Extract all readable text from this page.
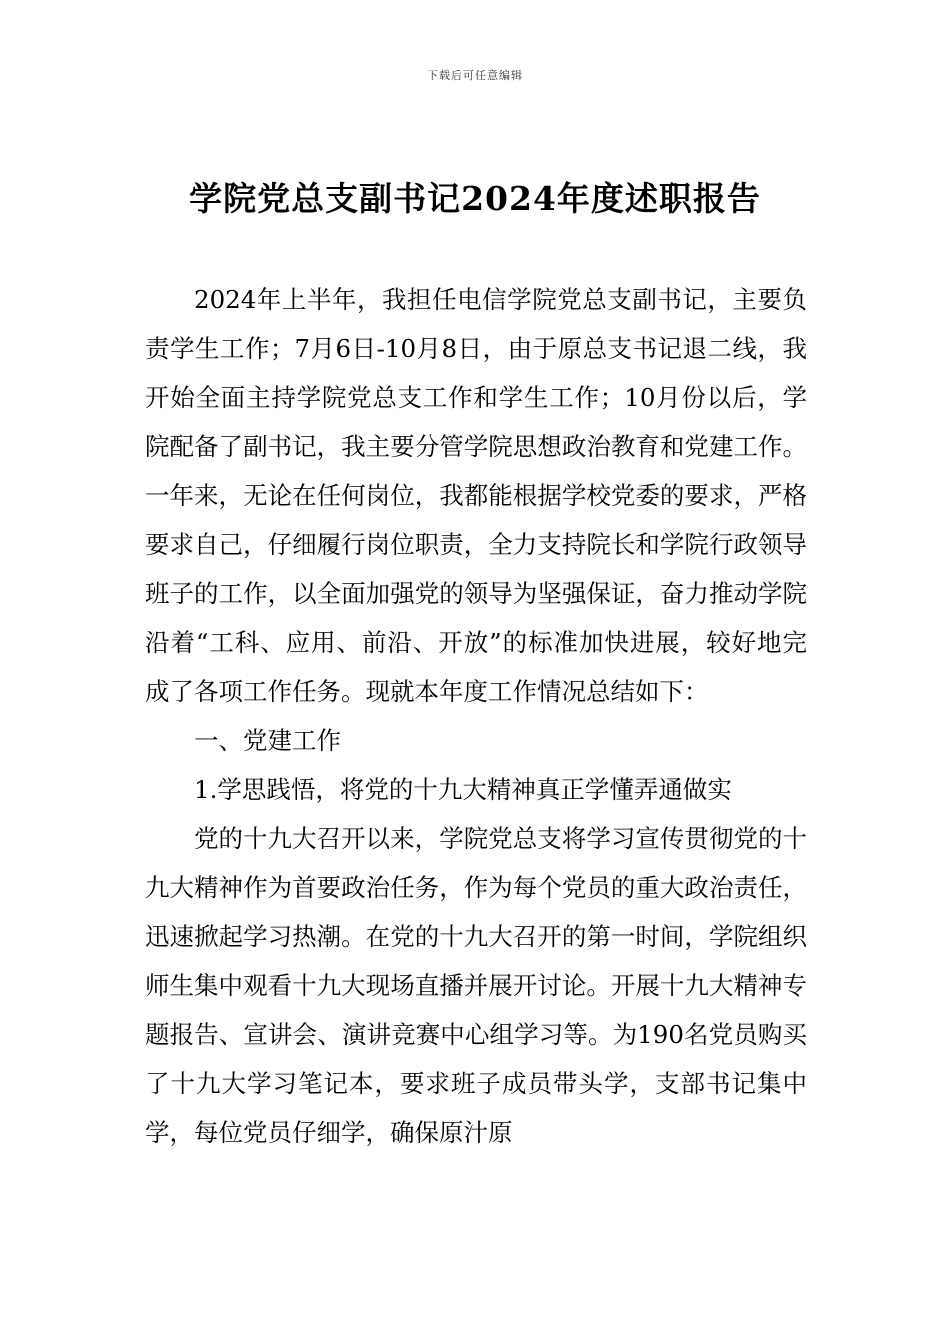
下载后可任意编辑
学院党总支副书记2024年度述职报告

2024年上半年，我担任电信学院党总支副书记，主要负责学生工作；7月6日-10月8日，由于原总支书记退二线，我开始全面主持学院党总支工作和学生工作；10月份以后，学院配备了副书记，我主要分管学院思想政治教育和党建工作。一年来，无论在任何岗位，我都能根据学校党委的要求，严格要求自己，仔细履行岗位职责，全力支持院长和学院行政领导班子的工作，以全面加强党的领导为坚强保证，奋力推动学院沿着“工科、应用、前沿、开放”的标准加快进展，较好地完成了各项工作任务。现就本年度工作情况总结如下：

一、党建工作

1.学思践悟，将党的十九大精神真正学懂弄通做实

党的十九大召开以来，学院党总支将学习宣传贯彻党的十九大精神作为首要政治任务，作为每个党员的重大政治责任，迅速掀起学习热潮。在党的十九大召开的第一时间，学院组织师生集中观看十九大现场直播并展开讨论。开展十九大精神专题报告、宣讲会、演讲竞赛中心组学习等。为190名党员购买了十九大学习笔记本，要求班子成员带头学，支部书记集中学，每位党员仔细学，确保原汁原
